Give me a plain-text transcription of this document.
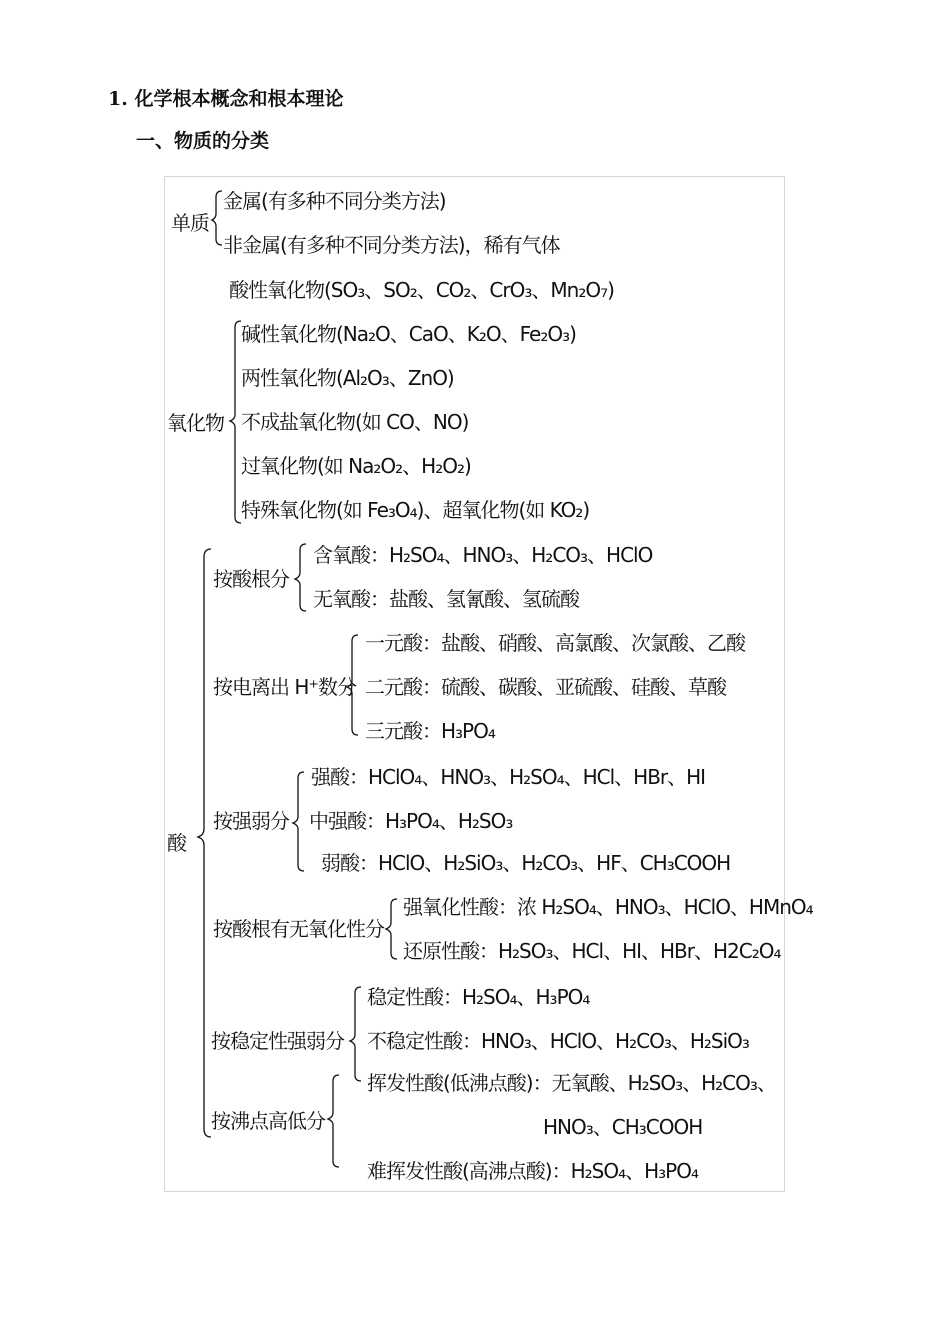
1. 化学根本概念和根本理论
一、物质的分类
单质
金属(有多种不同分类方法)
非金属(有多种不同分类方法)，稀有气体
酸性氧化物(SO₃、SO₂、CO₂、CrO₃、Mn₂O₇)
氧化物
碱性氧化物(Na₂O、CaO、K₂O、Fe₂O₃)
两性氧化物(Al₂O₃、ZnO)
不成盐氧化物(如 CO、NO)
过氧化物(如 Na₂O₂、H₂O₂)
特殊氧化物(如 Fe₃O₄)、超氧化物(如 KO₂)
酸
按酸根分
含氧酸：H₂SO₄、HNO₃、H₂CO₃、HClO
无氧酸：盐酸、氢氰酸、氢硫酸
按电离出 H⁺数分
一元酸：盐酸、硝酸、高氯酸、次氯酸、乙酸
二元酸：硫酸、碳酸、亚硫酸、硅酸、草酸
三元酸：H₃PO₄
按强弱分
强酸：HClO₄、HNO₃、H₂SO₄、HCl、HBr、HI
中强酸：H₃PO₄、H₂SO₃
弱酸：HClO、H₂SiO₃、H₂CO₃、HF、CH₃COOH
按酸根有无氧化性分
强氧化性酸：浓 H₂SO₄、HNO₃、HClO、HMnO₄
还原性酸：H₂SO₃、HCl、HI、HBr、H2C₂O₄
按稳定性强弱分
稳定性酸：H₂SO₄、H₃PO₄
不稳定性酸：HNO₃、HClO、H₂CO₃、H₂SiO₃
按沸点高低分
挥发性酸(低沸点酸)：无氧酸、H₂SO₃、H₂CO₃、
HNO₃、CH₃COOH
难挥发性酸(高沸点酸)：H₂SO₄、H₃PO₄
